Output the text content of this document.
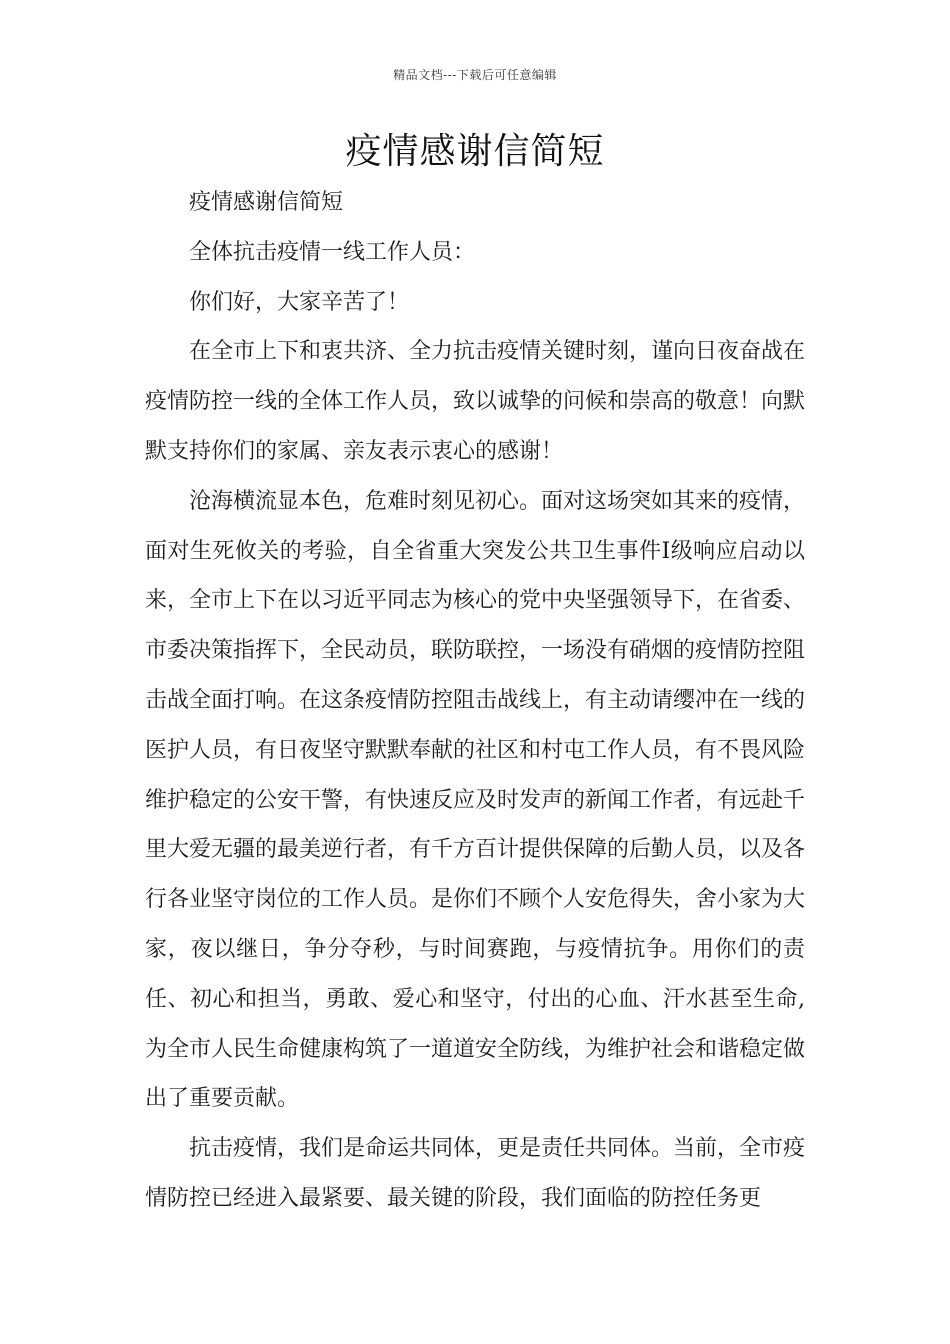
精品文档---下载后可任意编辑
疫情感谢信简短

疫情感谢信简短

全体抗击疫情一线工作人员：

你们好，大家辛苦了！

在全市上下和衷共济、全力抗击疫情关键时刻，谨向日夜奋战在疫情防控一线的全体工作人员，致以诚挚的问候和崇高的敬意！向默默支持你们的家属、亲友表示衷心的感谢！

沧海横流显本色，危难时刻见初心。面对这场突如其来的疫情，面对生死攸关的考验，自全省重大突发公共卫生事件Ⅰ级响应启动以来，全市上下在以习近平同志为核心的党中央坚强领导下，在省委、市委决策指挥下，全民动员，联防联控，一场没有硝烟的疫情防控阻击战全面打响。在这条疫情防控阻击战线上，有主动请缨冲在一线的医护人员，有日夜坚守默默奉献的社区和村屯工作人员，有不畏风险维护稳定的公安干警，有快速反应及时发声的新闻工作者，有远赴千里大爱无疆的最美逆行者，有千方百计提供保障的后勤人员，以及各行各业坚守岗位的工作人员。是你们不顾个人安危得失，舍小家为大家，夜以继日，争分夺秒，与时间赛跑，与疫情抗争。用你们的责任、初心和担当，勇敢、爱心和坚守，付出的心血、汗水甚至生命,为全市人民生命健康构筑了一道道安全防线，为维护社会和谐稳定做出了重要贡献。

抗击疫情，我们是命运共同体，更是责任共同体。当前，全市疫情防控已经进入最紧要、最关键的阶段，我们面临的防控任务更
